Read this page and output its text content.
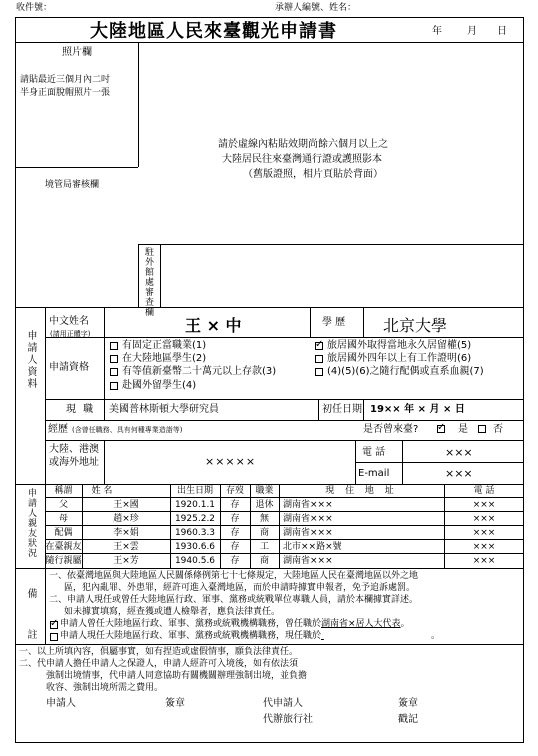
收件號：	承辦人編號、姓名：
大陸地區人民來臺觀光申請書	年	月 日
照片欄
請貼最近三個月內二吋
半身正面脫帽照片一張
請於虛線內粘貼效期尚餘六個月以上之
大陸居民往來臺灣通行證或護照影本
（舊版證照，相片頁貼於背面）
境管局審核欄
駐外館處審查欄
申請人資料
中文姓名
(請用正體字)	王 × 中	學 歷 北京大學
申請資格
有固定正當職業(1)
在大陸地區學生(2)
有等值新臺幣二十萬元以上存款(3)
赴國外留學生(4)
✓
旅居國外取得當地永久居留權(5)
旅居國外四年以上有工作證明(6)
(4)(5)(6)之隨行配偶或直系血親(7)
現 職 美國普林斯頓大學研究員	初任日期 19×× 年 × 月 × 日
經歷 (含曾任職務、具有何種專業造詣等)	是否曾來臺?
✓	是	否
大陸、港澳或海外地址	×××××
電 話	×××
E-mail	×××
申請人親友狀況	稱謂	姓 名	出生日期	存歿	職業	現 住 地 址	電 話
父	王×國	1920.1.1	存	退休	湖南省×××	×××
母	趙×珍	1925.2.2	存	無	湖南省×××	×××
配偶	李×娟	1960.3.3	存	商	湖南省×××	×××
在臺親友	王×雲	1930.6.6	存	工	北市××路×號	×××
隨行親屬	王×芳	1940.5.6	存	商	湖南省×××	×××
備 註
一、依臺灣地區與大陸地區人民關係條例第七十七條規定，大陸地區人民在臺灣地區以外之地
區，犯內亂罪、外患罪，經許可進入臺灣地區，而於申請時據實申報者，免予追訴處罰。
二、申請人現任或曾任大陸地區行政、軍事、黨務或統戰單位專職人員，請於本欄據實詳述。
如未據實填寫，經查獲或遭人檢舉者，應負法律責任。
✓
申請人曾任大陸地區行政、軍事、黨務或統戰機構職務，曾任職於湖南省×居人大代表。
申請人現任大陸地區行政、軍事、黨務或統戰機構職務，現任職於	。
一、以上所填內容，俱屬事實，如有捏造或虛假情事，願負法律責任。
二、代申請人擔任申請人之保證人，申請人經許可入境後，如有依法須
強制出境情事，代申請人同意協助有關機關辦理強制出境，並負擔
收容、強制出境所需之費用。
申請人	簽章	代申請人	簽章
代辦旅行社	戳記
